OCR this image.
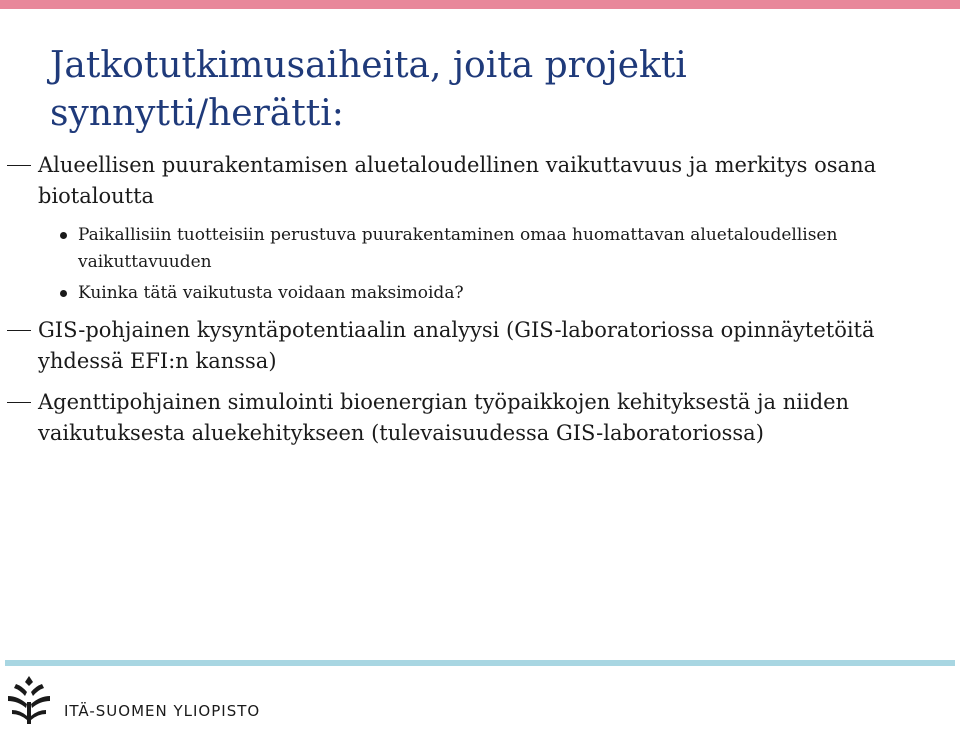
Jatkotutkimusaiheita, joita projekti synnytti/herätti:
Alueellisen puurakentamisen aluetaloudellinen vaikuttavuus ja merkitys osana biotaloutta
Paikallisiin tuotteisiin perustuva puurakentaminen omaa huomattavan aluetaloudellisen vaikuttavuuden
Kuinka tätä vaikutusta voidaan maksimoida?
GIS-pohjainen kysyntäpotentiaalin analyysi (GIS-laboratoriossa opinnäytetöitä yhdessä EFI:n kanssa)
Agenttipohjainen simulointi bioenergian työpaikkojen kehityksestä ja niiden vaikutuksesta aluekehitykseen (tulevaisuudessa GIS-laboratoriossa)
ITÄ-SUOMEN YLIOPISTO
